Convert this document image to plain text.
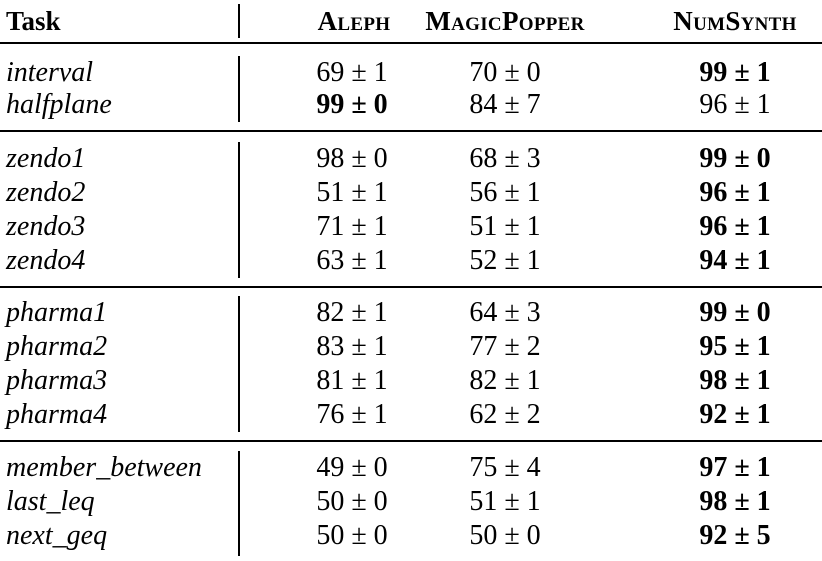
Task	Aleph	MagicPopper	NumSynth
interval	69 ± 1	70 ± 0	99 ± 1
halfplane	99 ± 0	84 ± 7	96 ± 1
zendo1	98 ± 0	68 ± 3	99 ± 0
zendo2	51 ± 1	56 ± 1	96 ± 1
zendo3	71 ± 1	51 ± 1	96 ± 1
zendo4	63 ± 1	52 ± 1	94 ± 1
pharma1	82 ± 1	64 ± 3	99 ± 0
pharma2	83 ± 1	77 ± 2	95 ± 1
pharma3	81 ± 1	82 ± 1	98 ± 1
pharma4	76 ± 1	62 ± 2	92 ± 1
member_between	49 ± 0	75 ± 4	97 ± 1
last_leq	50 ± 0	51 ± 1	98 ± 1
next_geq	50 ± 0	50 ± 0	92 ± 5
